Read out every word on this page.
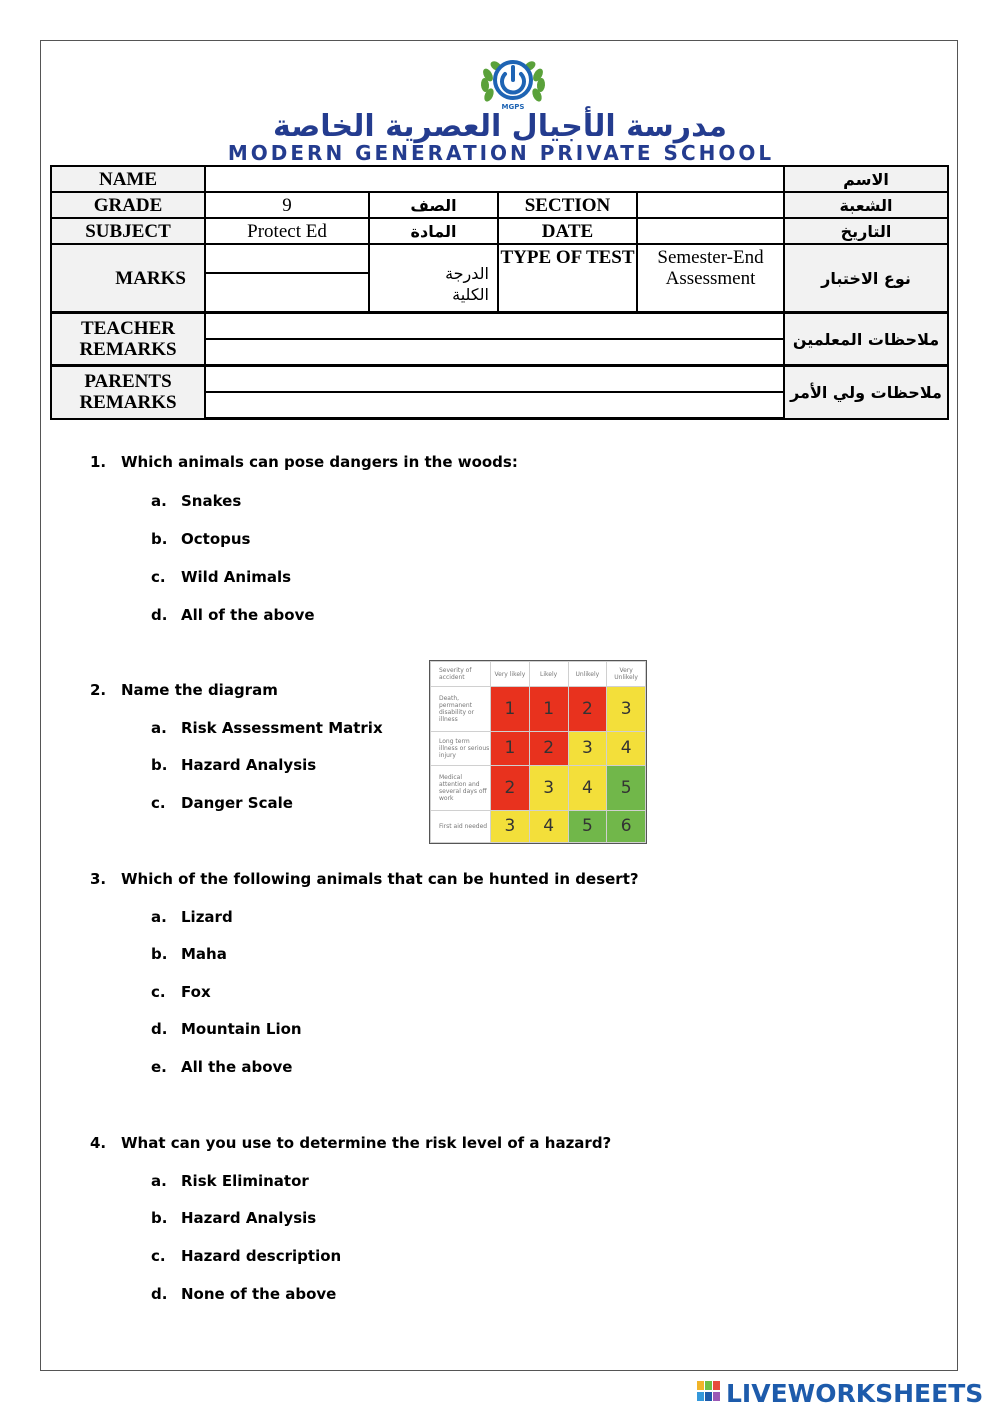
MGPS
مدرسة الأجيال العصرية الخاصة
MODERN GENERATION PRIVATE SCHOOL
NAME					الاسم
GRADE	9	الصف	SECTION		الشعبة
SUBJECT	Protect Ed	المادة	DATE		التاريخ
MARKS		الدرجة الكلية	TYPE OF TEST	Semester-End Assessment	نوع الاختبار

TEACHER REMARKS					ملاحظات المعلمين

PARENTS REMARKS					ملاحظات ولي الأمر

1. Which animals can pose dangers in the woods:
a. Snakes
b. Octopus
c. Wild Animals
d. All of the above
2. Name the diagram
a. Risk Assessment Matrix
b. Hazard Analysis
c. Danger Scale
3. Which of the following animals that can be hunted in desert?
a. Lizard
b. Maha
c. Fox
d. Mountain Lion
e. All the above
4. What can you use to determine the risk level of a hazard?
a. Risk Eliminator
b. Hazard Analysis
c. Hazard description
d. None of the above
Severity of accident	Very likely	Likely	Unlikely	Very Unlikely
Death, permanent disability or illness	1	1	2	3
Long term illness or serious injury	1	2	3	4
Medical attention and several days off work	2	3	4	5
First aid needed	3	4	5	6
LIVEWORKSHEETS
